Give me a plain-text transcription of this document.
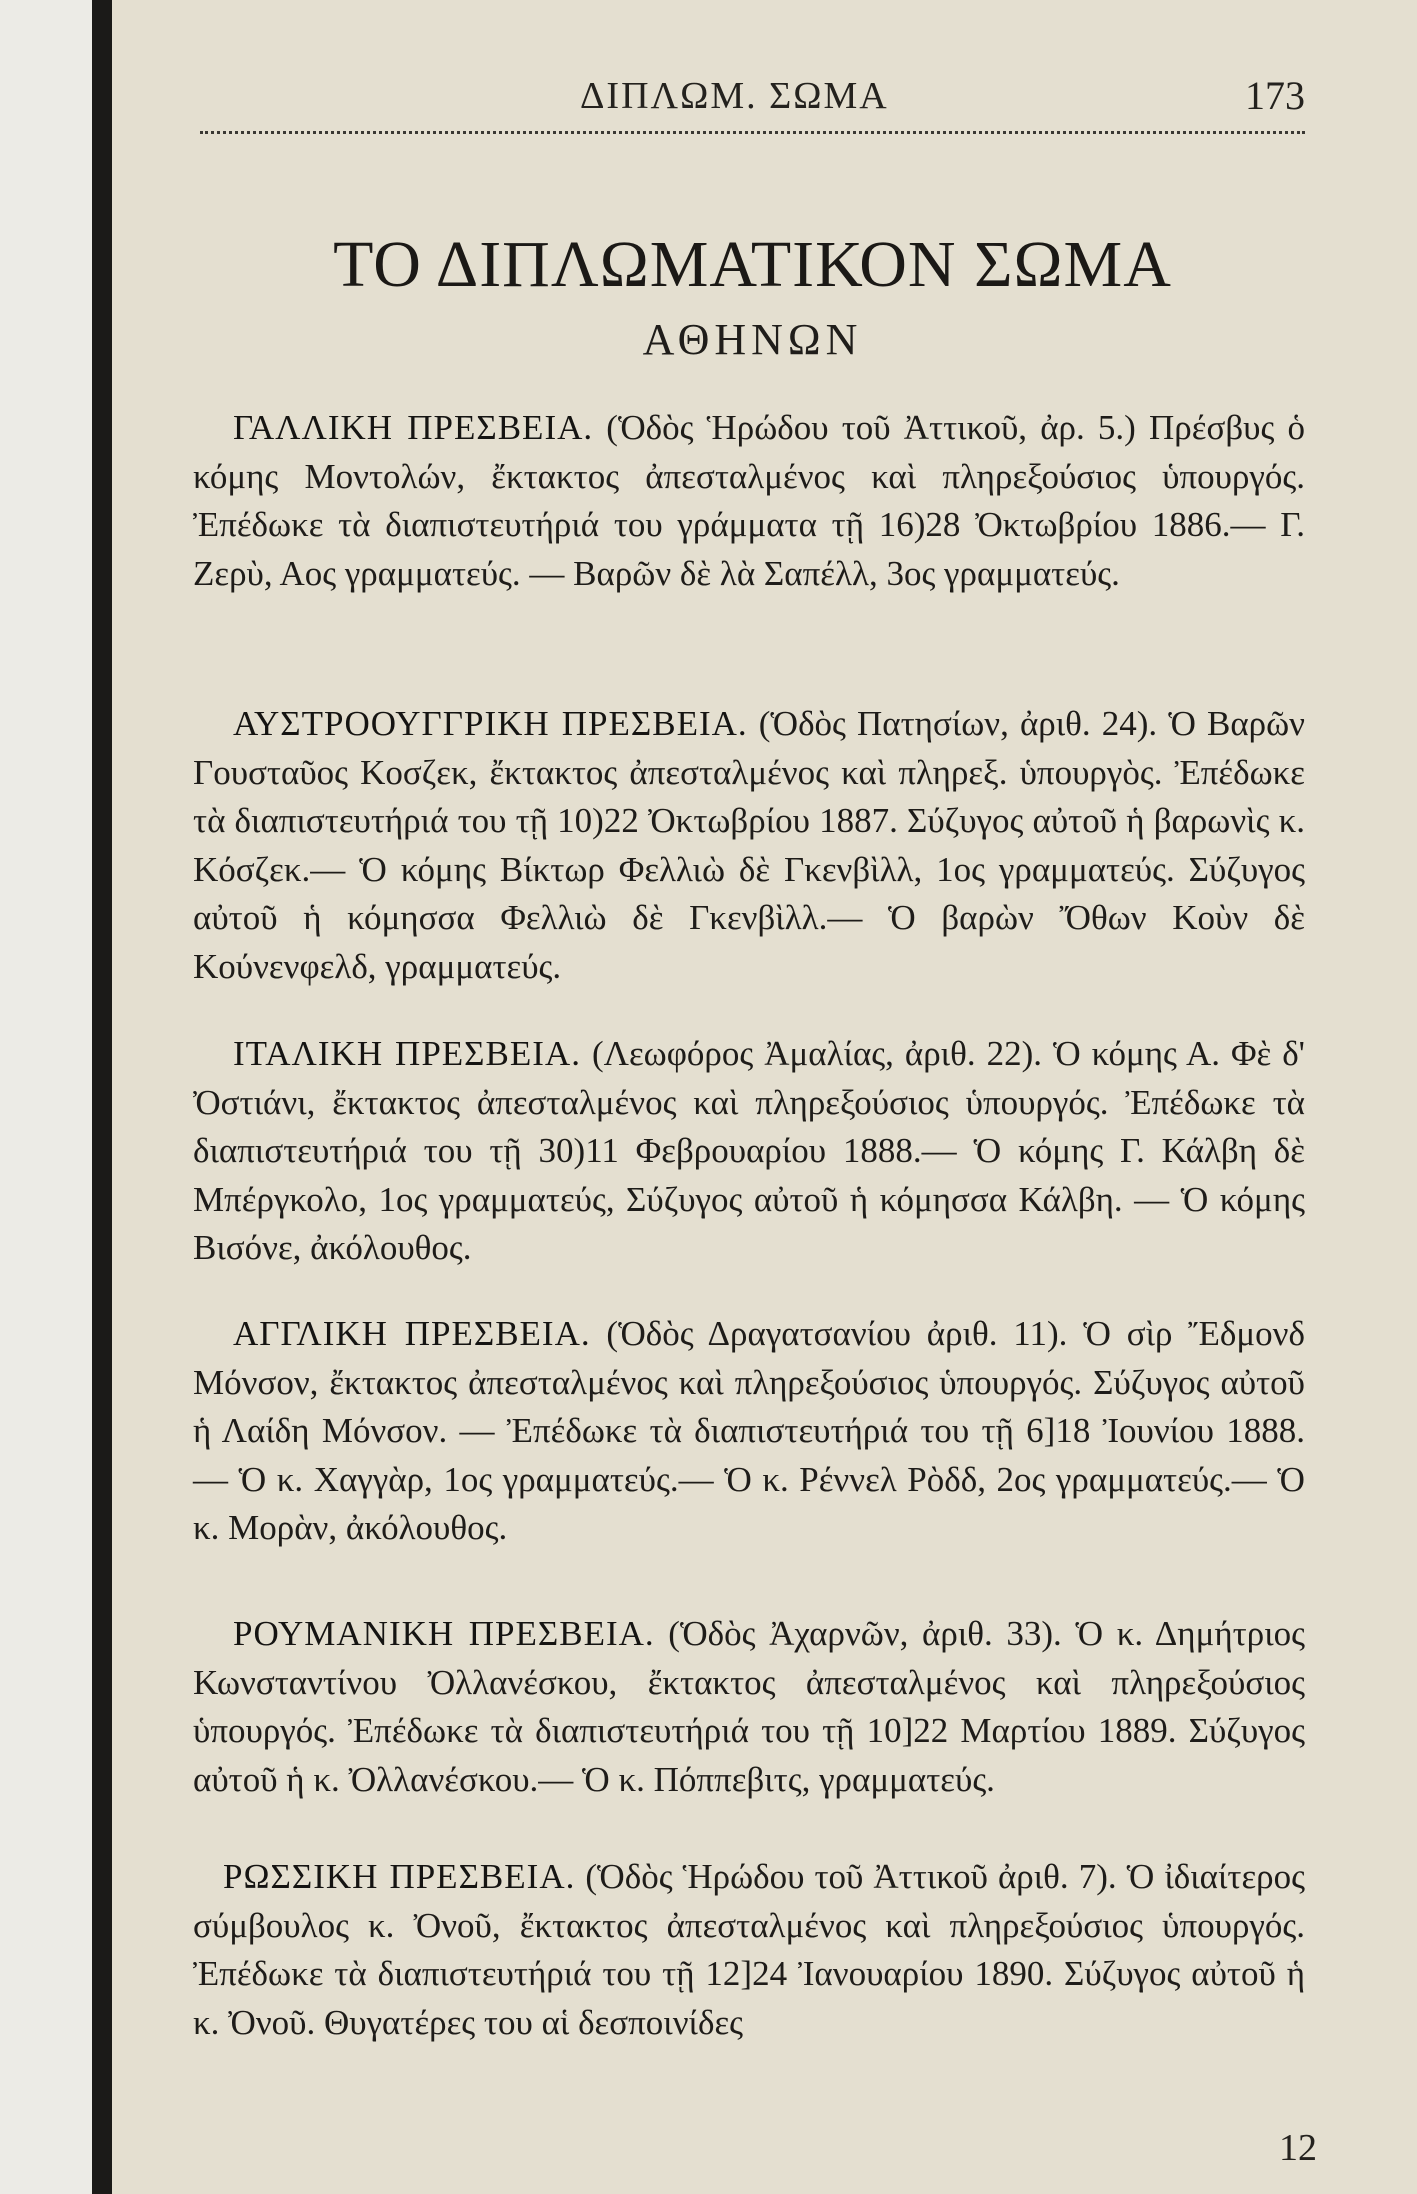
ΔΙΠΛΩΜ. ΣΩΜΑ	173
ΤΟ ΔΙΠΛΩΜΑΤΙΚΟΝ ΣΩΜΑ
ΑΘΗΝΩΝ

ΓΑΛΛΙΚΗ ΠΡΕΣΒΕΙΑ. (Ὁδὸς Ἡρώδου τοῦ Ἀττικοῦ, ἀρ. 5.) Πρέσβυς ὁ κόμης Μοντολών, ἔκτακτος ἀπεσταλμένος καὶ πληρεξούσιος ὑπουργός. Ἐπέδωκε τὰ διαπιστευτήριά του γράμματα τῇ 16)28 Ὀκτωβρίου 1886.— Γ. Ζερὺ, Αος γραμματεύς. — Βαρῶν δὲ λὰ Σαπέλλ, 3ος γραμματεύς.

ΑΥΣΤΡΟΟΥΓΓΡΙΚΗ ΠΡΕΣΒΕΙΑ. (Ὁδὸς Πατησίων, ἀριθ. 24). Ὁ Βαρῶν Γουσταῦος Κοσζεκ, ἔκτακτος ἀπεσταλμένος καὶ πληρεξ. ὑπουργὸς. Ἐπέδωκε τὰ διαπιστευτήριά του τῇ 10)22 Ὀκτωβρίου 1887. Σύζυγος αὐτοῦ ἡ βαρωνὶς κ. Κόσζεκ.— Ὁ κόμης Βίκτωρ Φελλιὼ δὲ Γκενβὶλλ, 1ος γραμματεύς. Σύζυγος αὐτοῦ ἡ κόμησσα Φελλιὼ δὲ Γκενβὶλλ.— Ὁ βαρὼν Ὄθων Κοὺν δὲ Κούνενφελδ, γραμματεύς.

ΙΤΑΛΙΚΗ ΠΡΕΣΒΕΙΑ. (Λεωφόρος Ἀμαλίας, ἀριθ. 22). Ὁ κόμης Α. Φὲ δ' Ὀστιάνι, ἔκτακτος ἀπεσταλμένος καὶ πληρεξούσιος ὑπουργός. Ἐπέδωκε τὰ διαπιστευτήριά του τῇ 30)11 Φεβρουαρίου 1888.— Ὁ κόμης Γ. Κάλβη δὲ Μπέργκολο, 1ος γραμματεύς, Σύζυγος αὐτοῦ ἡ κόμησσα Κάλβη. — Ὁ κόμης Βισόνε, ἀκόλουθος.

ΑΓΓΛΙΚΗ ΠΡΕΣΒΕΙΑ. (Ὁδὸς Δραγατσανίου ἀριθ. 11). Ὁ σὶρ Ἔδμονδ Μόνσον, ἔκτακτος ἀπεσταλμένος καὶ πληρεξούσιος ὑπουργός. Σύζυγος αὐτοῦ ἡ Λαίδη Μόνσον. — Ἐπέδωκε τὰ διαπιστευτήριά του τῇ 6]18 Ἰουνίου 1888. — Ὁ κ. Χαγγὰρ, 1ος γραμματεύς.— Ὁ κ. Ρέννελ Ρὸδδ, 2ος γραμματεύς.— Ὁ κ. Μορὰν, ἀκόλουθος.

ΡΟΥΜΑΝΙΚΗ ΠΡΕΣΒΕΙΑ. (Ὁδὸς Ἀχαρνῶν, ἀριθ. 33). Ὁ κ. Δημήτριος Κωνσταντίνου Ὀλλανέσκου, ἔκτακτος ἀπεσταλμένος καὶ πληρεξούσιος ὑπουργός. Ἐπέδωκε τὰ διαπιστευτήριά του τῇ 10]22 Μαρτίου 1889. Σύζυγος αὐτοῦ ἡ κ. Ὀλλανέσκου.— Ὁ κ. Πόππεβιτς, γραμματεύς.

ΡΩΣΣΙΚΗ ΠΡΕΣΒΕΙΑ. (Ὁδὸς Ἡρώδου τοῦ Ἀττικοῦ ἀριθ. 7). Ὁ ἰδιαίτερος σύμβουλος κ. Ὀνοῦ, ἔκτακτος ἀπεσταλμένος καὶ πληρεξούσιος ὑπουργός. Ἐπέδωκε τὰ διαπιστευτήριά του τῇ 12]24 Ἰανουαρίου 1890. Σύζυγος αὐτοῦ ἡ κ. Ὀνοῦ. Θυγατέρες του αἱ δεσποινίδες

12
